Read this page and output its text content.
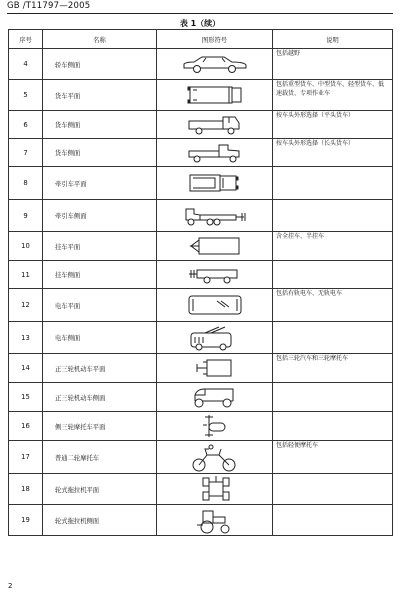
GB /T11797—2005
表 1（续）
序号	名称	图形符号	说明
4	轿车侧面		包括越野
5	货车平面		包括重型货车、中型货车、轻型货车、低速载货、专项作业车
6	货车侧面		按车头外形选择（平头货车）
7	货车侧面		按车头外形选择（长头货车）
8	牵引车平面	

9	牵引车侧面	

10	挂车平面		含全挂车、半挂车
11	挂车侧面	

12	电车平面		包括有轨电车、无轨电车
13	电车侧面	

14	正三轮机动车平面		包括三轮汽车和三轮摩托车
15	正三轮机动车侧面	

16	侧三轮摩托车平面	

17	普通二轮摩托车		包括轻便摩托车
18	轮式拖拉机平面	

19	轮式拖拉机侧面	

2
